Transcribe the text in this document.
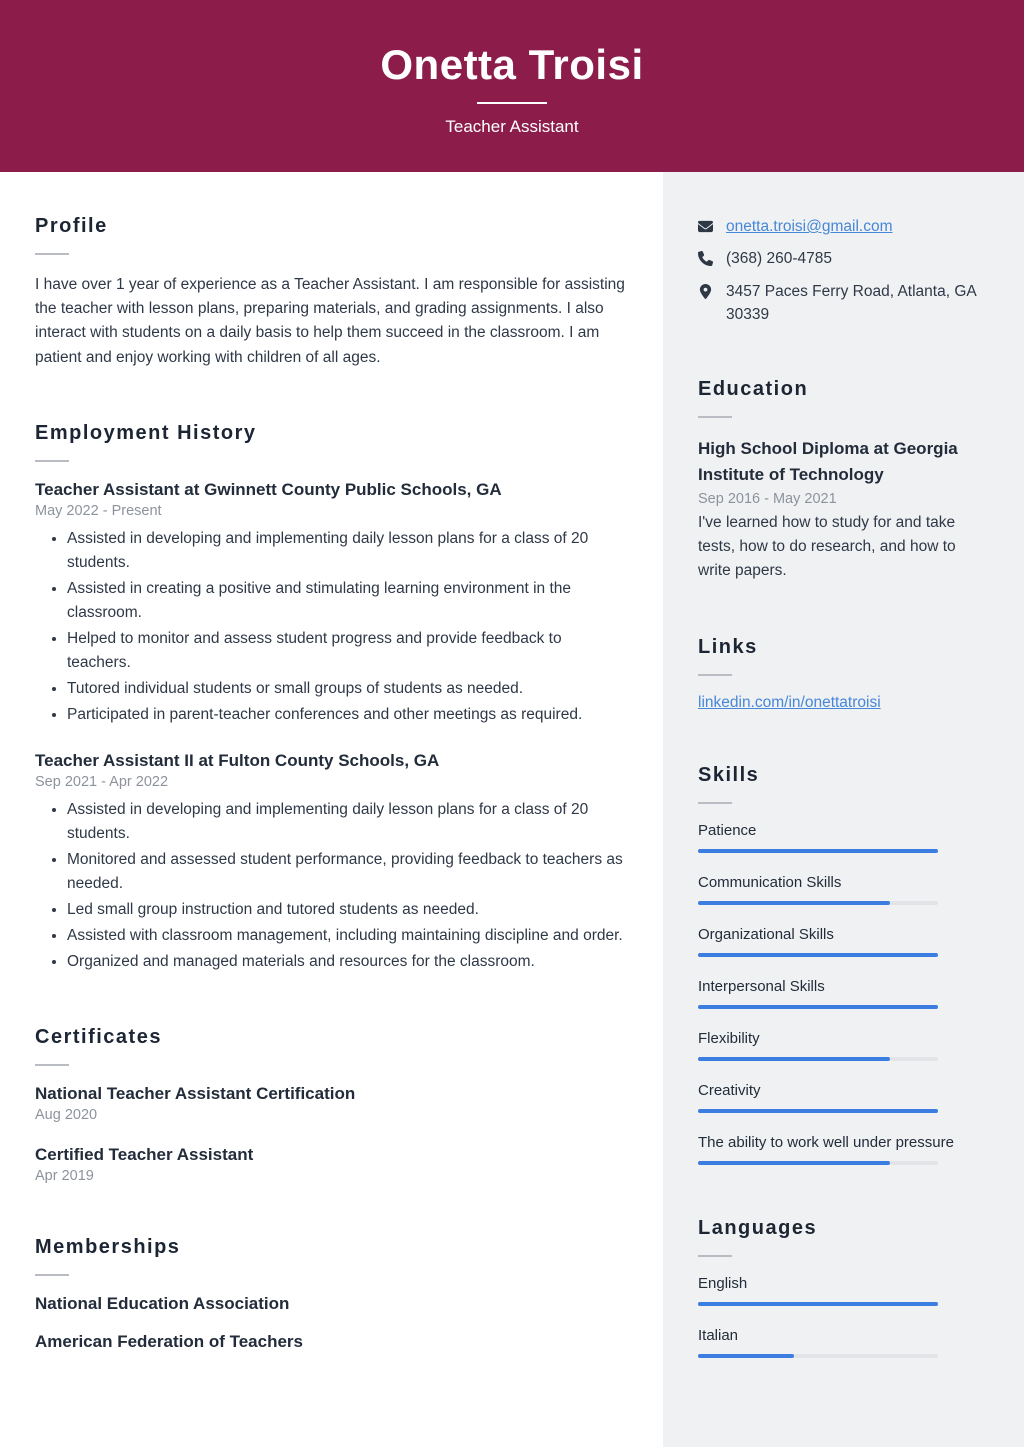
Onetta Troisi
Teacher Assistant
Profile

I have over 1 year of experience as a Teacher Assistant. I am responsible for assisting the teacher with lesson plans, preparing materials, and grading assignments. I also interact with students on a daily basis to help them succeed in the classroom. I am patient and enjoy working with children of all ages.

Employment History
Teacher Assistant at Gwinnett County Public Schools, GA

May 2022 - Present

• Assisted in developing and implementing daily lesson plans for a class of 20 students.
• Assisted in creating a positive and stimulating learning environment in the classroom.
• Helped to monitor and assess student progress and provide feedback to teachers.
• Tutored individual students or small groups of students as needed.
• Participated in parent-teacher conferences and other meetings as required.
Teacher Assistant II at Fulton County Schools, GA

Sep 2021 - Apr 2022

• Assisted in developing and implementing daily lesson plans for a class of 20 students.
• Monitored and assessed student performance, providing feedback to teachers as needed.
• Led small group instruction and tutored students as needed.
• Assisted with classroom management, including maintaining discipline and order.
• Organized and managed materials and resources for the classroom.
Certificates
National Teacher Assistant Certification

Aug 2020

Certified Teacher Assistant

Apr 2019

Memberships
National Education Association
American Federation of Teachers
onetta.troisi@gmail.com
(368) 260-4785
3457 Paces Ferry Road, Atlanta, GA 30339
Education
High School Diploma at Georgia Institute of Technology

Sep 2016 - May 2021

I've learned how to study for and take tests, how to do research, and how to write papers.

Links
linkedin.com/in/onettatroisi
Skills
Patience
Communication Skills
Organizational Skills
Interpersonal Skills
Flexibility
Creativity
The ability to work well under pressure
Languages
English
Italian
